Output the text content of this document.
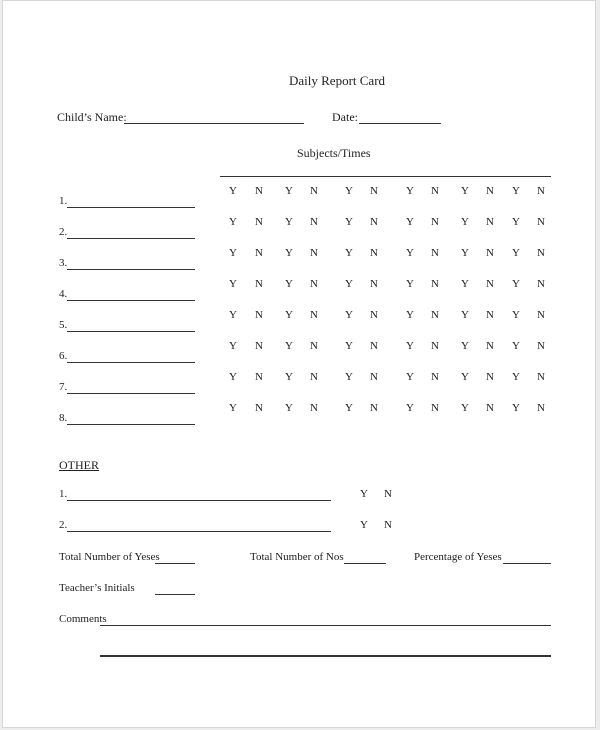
Daily Report Card
Child’s Name:	Date:
Subjects/Times
1.
Y N Y N Y N	Y N Y N Y N
2.
Y N Y N Y N	Y N Y N Y N
3.
Y N Y N Y N	Y N Y N Y N
4.
Y N Y N Y N	Y N Y N Y N
5.
Y N Y N Y N	Y N Y N Y N
6.
Y N Y N Y N	Y N Y N Y N
7.
Y N Y N Y N	Y N Y N Y N
8.
Y N Y N Y N	Y N Y N Y N
OTHER
1.	Y N
2.	Y N
Total Number of Yeses	Total Number of Nos	Percentage of Yeses
Teacher’s Initials
Comments
